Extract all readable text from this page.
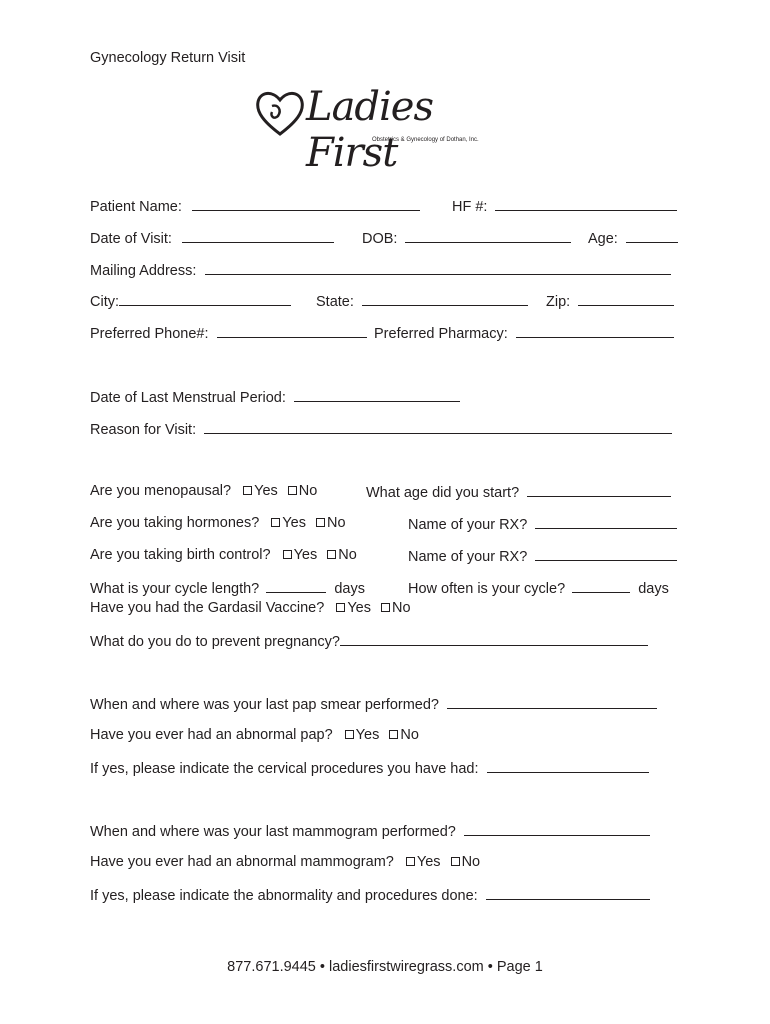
Gynecology Return Visit
Ladies First
Obstetrics & Gynecology of Dothan, Inc.
Patient Name:	HF #:
Date of Visit:	DOB:	Age:
Mailing Address:
City:	State:	Zip:
Preferred Phone#:	Preferred Pharmacy:
Date of Last Menstrual Period:
Reason for Visit:
Are you menopausal? Yes No	What age did you start?
Are you taking hormones? Yes No	Name of your RX?
Are you taking birth control? Yes No	Name of your RX?
What is your cycle length?	days	How often is your cycle?	days
Have you had the Gardasil Vaccine? Yes No
What do you do to prevent pregnancy?
When and where was your last pap smear performed?
Have you ever had an abnormal pap? Yes No
If yes, please indicate the cervical procedures you have had:
When and where was your last mammogram performed?
Have you ever had an abnormal mammogram? Yes No
If yes, please indicate the abnormality and procedures done:
877.671.9445 • ladiesfirstwiregrass.com • Page 1
